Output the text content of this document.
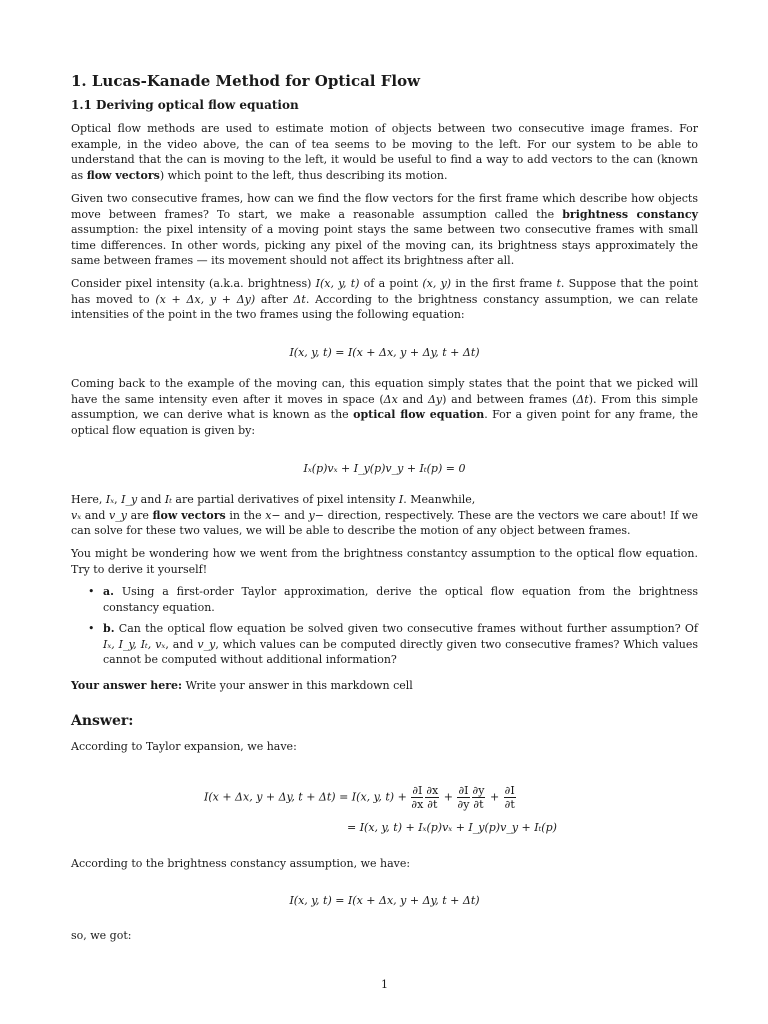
1. Lucas-Kanade Method for Optical Flow
1.1 Deriving optical flow equation
Optical flow methods are used to estimate motion of objects between two consecutive image frames. For example, in the video above, the can of tea seems to be moving to the left. For our system to be able to understand that the can is moving to the left, it would be useful to find a way to add vectors to the can (known as flow vectors) which point to the left, thus describing its motion.
Given two consecutive frames, how can we find the flow vectors for the first frame which describe how objects move between frames? To start, we make a reasonable assumption called the brightness constancy assumption: the pixel intensity of a moving point stays the same between two consecutive frames with small time differences. In other words, picking any pixel of the moving can, its brightness stays approximately the same between frames — its movement should not affect its brightness after all.
Consider pixel intensity (a.k.a. brightness) I(x, y, t) of a point (x, y) in the first frame t. Suppose that the point has moved to (x + Δx, y + Δy) after Δt. According to the brightness constancy assumption, we can relate intensities of the point in the two frames using the following equation:
I(x, y, t) = I(x + Δx, y + Δy, t + Δt)
Coming back to the example of the moving can, this equation simply states that the point that we picked will have the same intensity even after it moves in space (Δx and Δy) and between frames (Δt). From this simple assumption, we can derive what is known as the optical flow equation. For a given point for any frame, the optical flow equation is given by:
Iₓ(p)vₓ + I_y(p)v_y + Iₜ(p) = 0
Here, Iₓ, I_y and Iₜ are partial derivatives of pixel intensity I. Meanwhile,
vₓ and v_y are flow vectors in the x− and y− direction, respectively. These are the vectors we care about! If we can solve for these two values, we will be able to describe the motion of any object between frames.
You might be wondering how we went from the brightness constantcy assumption to the optical flow equation. Try to derive it yourself!
• a. Using a first-order Taylor approximation, derive the optical flow equation from the brightness constancy equation.
• b. Can the optical flow equation be solved given two consecutive frames without further assumption? Of Iₓ, I_y, Iₜ, vₓ, and v_y, which values can be computed directly given two consecutive frames? Which values cannot be computed without additional information?
Your answer here: Write your answer in this markdown cell
Answer:
According to Taylor expansion, we have:
I(x + Δx, y + Δy, t + Δt) = I(x, y, $t) + \frac{\partial I}{\partial x} \frac{\partial x}{\partial t} + \frac{\partial I}{\partial y} \frac{\partial y}{\partial t} + \frac{\partial I}{\partial t}$
= I(x, y, t) + Iₓ(p)vₓ + I_y(p)v_y + Iₜ(p)
According to the brightness constancy assumption, we have:
I(x, y, t) = I(x + Δx, y + Δy, t + Δt)
so, we got:
1
